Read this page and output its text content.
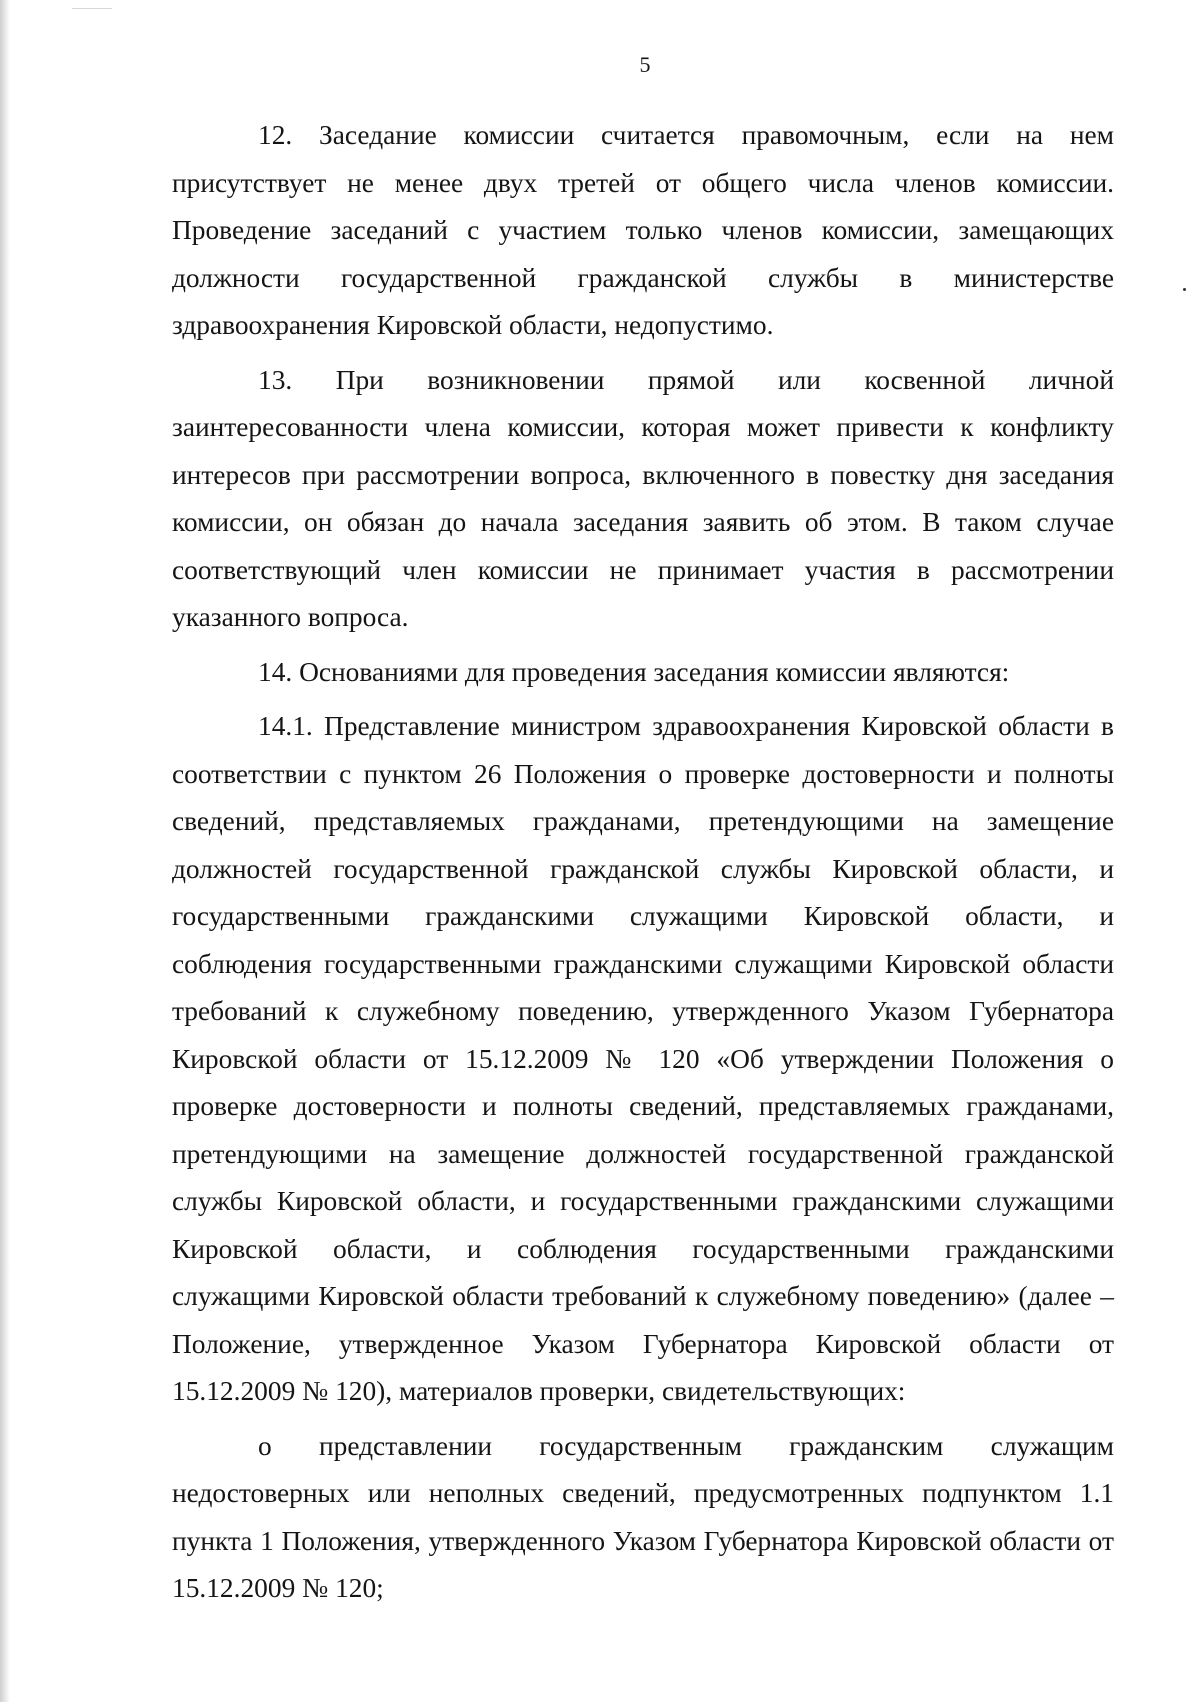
5

12. Заседание комиссии считается правомочным, если на нем присутствует не менее двух третей от общего числа членов комиссии. Проведение заседаний с участием только членов комиссии, замещающих должности государственной гражданской службы в министерстве здравоохранения Кировской области, недопустимо.

13. При возникновении прямой или косвенной личной заинтересованности члена комиссии, которая может привести к конфликту интересов при рассмотрении вопроса, включенного в повестку дня заседания комиссии, он обязан до начала заседания заявить об этом. В таком случае соответствующий член комиссии не принимает участия в рассмотрении указанного вопроса.

14. Основаниями для проведения заседания комиссии являются:

14.1. Представление министром здравоохранения Кировской области в соответствии с пунктом 26 Положения о проверке достоверности и полноты сведений, представляемых гражданами, претендующими на замещение должностей государственной гражданской службы Кировской области, и государственными гражданскими служащими Кировской области, и соблюдения государственными гражданскими служащими Кировской области требований к служебному поведению, утвержденного Указом Губернатора Кировской области от 15.12.2009 № 120 «Об утверждении Положения о проверке достоверности и полноты сведений, представляемых гражданами, претендующими на замещение должностей государственной гражданской службы Кировской области, и государственными гражданскими служащими Кировской области, и соблюдения государственными гражданскими служащими Кировской области требований к служебному поведению» (далее – Положение, утвержденное Указом Губернатора Кировской области от 15.12.2009 № 120), материалов проверки, свидетельствующих:

о представлении государственным гражданским служащим недостоверных или неполных сведений, предусмотренных подпунктом 1.1 пункта 1 Положения, утвержденного Указом Губернатора Кировской области от 15.12.2009 № 120;
